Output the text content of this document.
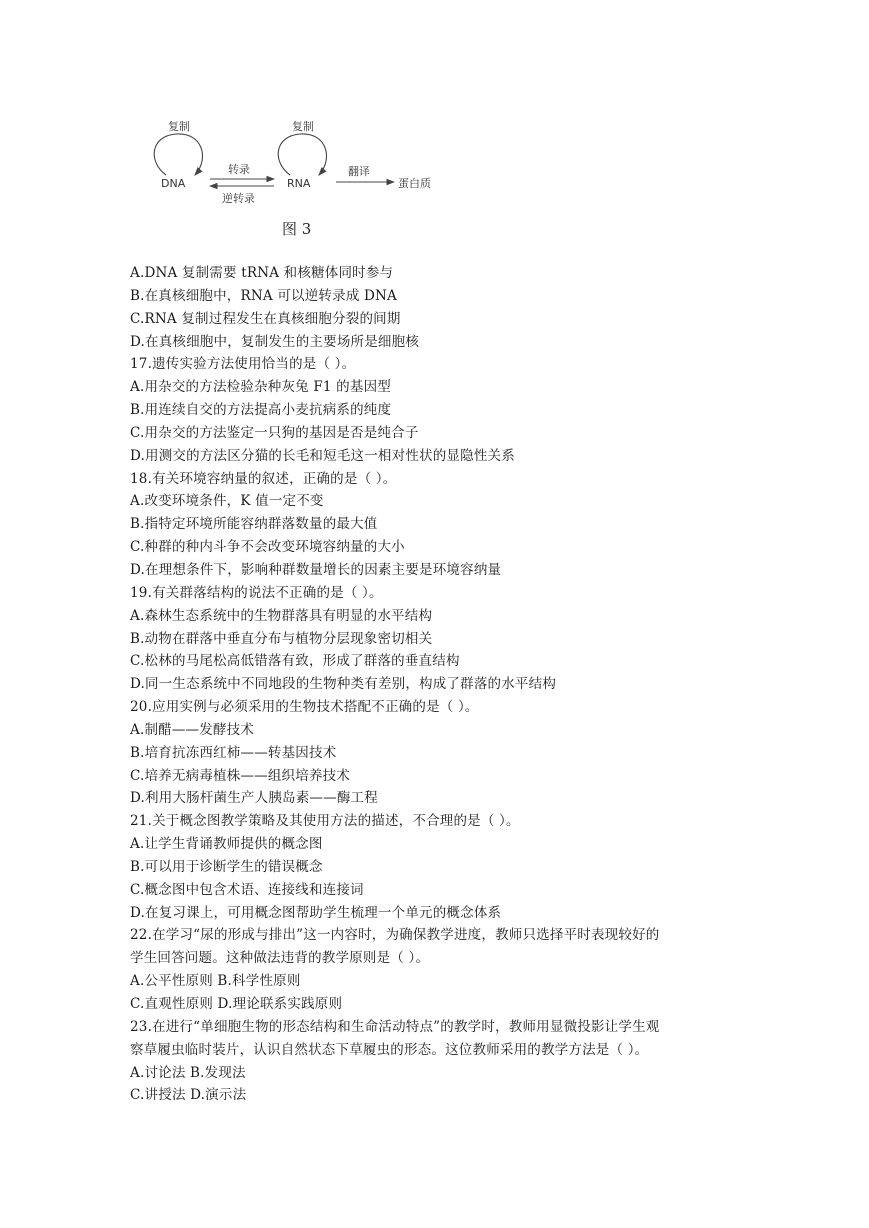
复制	复制
DNA	RNA
转录
逆转录
翻译
蛋白质
图 3
A.DNA 复制需要 tRNA 和核糖体同时参与
B.在真核细胞中，RNA 可以逆转录成 DNA
C.RNA 复制过程发生在真核细胞分裂的间期
D.在真核细胞中，复制发生的主要场所是细胞核
17.遗传实验方法使用恰当的是（ ）。
A.用杂交的方法检验杂种灰兔 F1 的基因型
B.用连续自交的方法提高小麦抗病系的纯度
C.用杂交的方法鉴定一只狗的基因是否是纯合子
D.用测交的方法区分猫的长毛和短毛这一相对性状的显隐性关系
18.有关环境容纳量的叙述，正确的是（ ）。
A.改变环境条件，K 值一定不变
B.指特定环境所能容纳群落数量的最大值
C.种群的种内斗争不会改变环境容纳量的大小
D.在理想条件下，影响种群数量增长的因素主要是环境容纳量
19.有关群落结构的说法不正确的是（ ）。
A.森林生态系统中的生物群落具有明显的水平结构
B.动物在群落中垂直分布与植物分层现象密切相关
C.松林的马尾松高低错落有致，形成了群落的垂直结构
D.同一生态系统中不同地段的生物种类有差别，构成了群落的水平结构
20.应用实例与必须采用的生物技术搭配不正确的是（ ）。
A.制醋——发酵技术
B.培育抗冻西红柿——转基因技术
C.培养无病毒植株——组织培养技术
D.利用大肠杆菌生产人胰岛素——酶工程
21.关于概念图教学策略及其使用方法的描述，不合理的是（ ）。
A.让学生背诵教师提供的概念图
B.可以用于诊断学生的错误概念
C.概念图中包含术语、连接线和连接词
D.在复习课上，可用概念图帮助学生梳理一个单元的概念体系
22.在学习“尿的形成与排出”这一内容时，为确保教学进度，教师只选择平时表现较好的
学生回答问题。这种做法违背的教学原则是（ ）。
A.公平性原则 B.科学性原则
C.直观性原则 D.理论联系实践原则
23.在进行“单细胞生物的形态结构和生命活动特点”的教学时，教师用显微投影让学生观
察草履虫临时装片，认识自然状态下草履虫的形态。这位教师采用的教学方法是（ ）。
A.讨论法 B.发现法
C.讲授法 D.演示法
